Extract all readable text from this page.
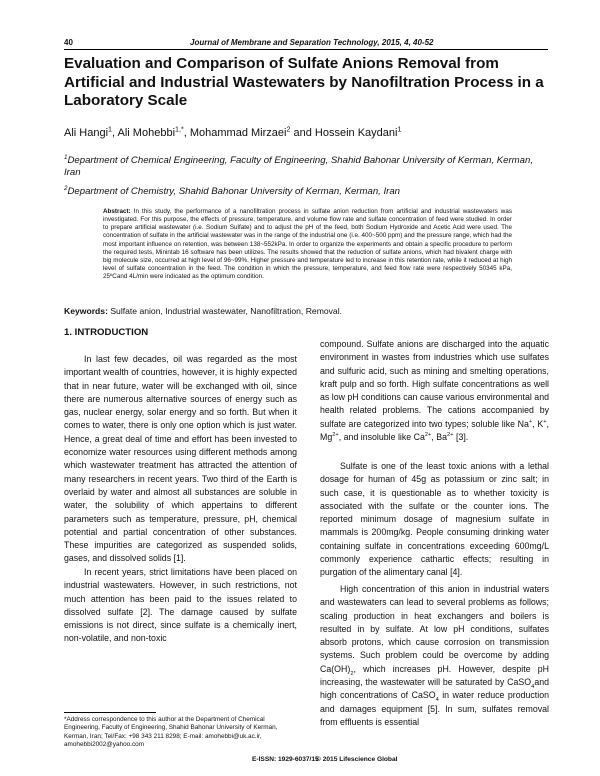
40	Journal of Membrane and Separation Technology, 2015, 4, 40-52
Evaluation and Comparison of Sulfate Anions Removal from Artificial and Industrial Wastewaters by Nanofiltration Process in a Laboratory Scale
Ali Hangi$^1$, Ali Mohebbi$^{1,*}$, Mohammad Mirzaei$^2$ and Hossein Kaydani$^1$
$^1$Department of Chemical Engineering, Faculty of Engineering, Shahid Bahonar University of Kerman, Kerman, Iran
$^2$Department of Chemistry, Shahid Bahonar University of Kerman, Kerman, Iran
Abstract: In this study, the performance of a nanofiltration process in sulfate anion reduction from artificial and industrial wastewaters was investigated. For this purpose, the effects of pressure, temperature, and volume flow rate and sulfate concentration of feed were studied. In order to prepare artificial wastewater (i.e. Sodium Sulfate) and to adjust the pH of the feed, both Sodium Hydroxide and Acetic Acid were used. The concentration of sulfate in the artificial wastewater was in the range of the industrial one (i.e. 400~500 ppm) and the pressure range, which had the most important influence on retention, was between 138~552kPa. In order to organize the experiments and obtain a specific procedure to perform the required tests, Minintab 16 software has been utilizes. The results showed that the reduction of sulfate anions, which had bivalent charge with big molecule size, occurred at high level of 96~99%. Higher pressure and temperature led to increase in this retention rate, while it reduced at high level of sulfate concentration in the feed. The condition in which the pressure, temperature, and feed flow rate were respectively 50345 kPa, 25ºCand 4L/min were indicated as the optimum condition.
Keywords: Sulfate anion, Industrial wastewater, Nanofiltration, Removal.
1. INTRODUCTION

In last few decades, oil was regarded as the most important wealth of countries, however, it is highly expected that in near future, water will be exchanged with oil, since there are numerous alternative sources of energy such as gas, nuclear energy, solar energy and so forth. But when it comes to water, there is only one option which is just water. Hence, a great deal of time and effort has been invested to economize water resources using different methods among which wastewater treatment has attracted the attention of many researchers in recent years. Two third of the Earth is overlaid by water and almost all substances are soluble in water, the solubility of which appertains to different parameters such as temperature, pressure, pH, chemical potential and partial concentration of other substances. These impurities are categorized as suspended solids, gases, and dissolved solids [1].

In recent years, strict limitations have been placed on industrial wastewaters. However, in such restrictions, not much attention has been paid to the issues related to dissolved sulfate [2]. The damage caused by sulfate emissions is not direct, since sulfate is a chemically inert, non-volatile, and non-toxic

compound. Sulfate anions are discharged into the aquatic environment in wastes from industries which use sulfates and sulfuric acid, such as mining and smelting operations, kraft pulp and so forth. High sulfate concentrations as well as low pH conditions can cause various environmental and health related problems. The cations accompanied by sulfate are categorized into two types; soluble like Na+, K+, $Mg^{2+}$, and insoluble like $Ca^{2+}$, $Ba^{2+}$ [3].

Sulfate is one of the least toxic anions with a lethal dosage for human of 45g as potassium or zinc salt; in such case, it is questionable as to whether toxicity is associated with the sulfate or the counter ions. The reported minimum dosage of magnesium sulfate in mammals is 200mg/kg. People consuming drinking water containing sulfate in concentrations exceeding 600mg/L commonly experience cathartic effects; resulting in purgation of the alimentary canal [4].

High concentration of this anion in industrial waters and wastewaters can lead to several problems as follows; scaling production in heat exchangers and boilers is resulted in by sulfate. At low pH conditions, sulfates absorb protons, which cause corrosion on transmission systems. Such problem could be overcome by adding $Ca(OH)_2$, which increases pH. However, despite pH increasing, the wastewater will be saturated by CaSO$_4$and high concentrations of CaSO$_4$ in water reduce production and damages equipment [5]. In sum, sulfates removal from effluents is essential

*Address correspondence to this author at the Department of Chemical Engineering, Faculty of Engineering, Shahid Bahonar University of Kerman, Kerman, Iran; Tel/Fax: +98 343 211 8298; E-mail: amohebbi@uk.ac.ir, amohebbi2002@yahoo.com
E-ISSN: 1929-6037/15
© 2015 Lifescience Global
